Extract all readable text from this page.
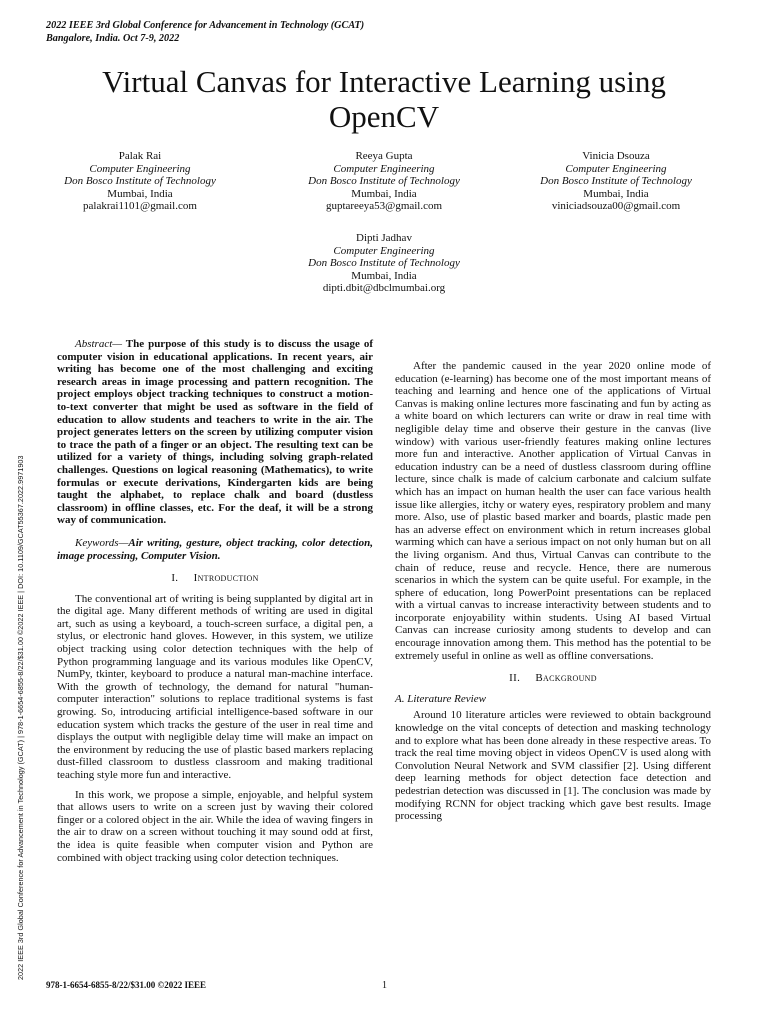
2022 IEEE 3rd Global Conference for Advancement in Technology (GCAT)
Bangalore, India. Oct 7-9, 2022
Virtual Canvas for Interactive Learning using
OpenCV
Palak Rai
Computer Engineering
Don Bosco Institute of Technology
Mumbai, India
palakrai1101@gmail.com
Reeya Gupta
Computer Engineering
Don Bosco Institute of Technology
Mumbai, India
guptareeya53@gmail.com
Vinicia Dsouza
Computer Engineering
Don Bosco Institute of Technology
Mumbai, India
viniciadsouza00@gmail.com
Dipti Jadhav
Computer Engineering
Don Bosco Institute of Technology
Mumbai, India
dipti.dbit@dbclmumbai.org
2022 IEEE 3rd Global Conference for Advancement in Technology (GCAT) | 978-1-6654-6855-8/22/$31.00 ©2022 IEEE | DOI: 10.1109/GCAT55367.2022.9971903

Abstract— The purpose of this study is to discuss the usage of computer vision in educational applications. In recent years, air writing has become one of the most challenging and exciting research areas in image processing and pattern recognition. The project employs object tracking techniques to construct a motion-to-text converter that might be used as software in the field of education to allow students and teachers to write in the air. The project generates letters on the screen by utilizing computer vision to trace the path of a finger or an object. The resulting text can be utilized for a variety of things, including solving graph-related challenges. Questions on logical reasoning (Mathematics), to write formulas or execute derivations, Kindergarten kids are being taught the alphabet, to replace chalk and board (dustless classroom) in offline classes, etc. For the deaf, it will be a strong way of communication.

Keywords—Air writing, gesture, object tracking, color detection, image processing, Computer Vision.

I. Introduction

The conventional art of writing is being supplanted by digital art in the digital age. Many different methods of writing are used in digital art, such as using a keyboard, a touch-screen surface, a digital pen, a stylus, or electronic hand gloves. However, in this system, we utilize object tracking using color detection techniques with the help of Python programming language and its various modules like OpenCV, NumPy, tkinter, keyboard to produce a natural man-machine interface. With the growth of technology, the demand for natural "human-computer interaction" solutions to replace traditional systems is fast growing. So, introducing artificial intelligence-based software in our education system which tracks the gesture of the user in real time and displays the output with negligible delay time will make an impact on the environment by reducing the use of plastic based markers replacing dust-filled classroom to dustless classroom and making traditional teaching style more fun and interactive.

In this work, we propose a simple, enjoyable, and helpful system that allows users to write on a screen just by waving their colored finger or a colored object in the air. While the idea of waving fingers in the air to draw on a screen without touching it may sound odd at first, the idea is quite feasible when computer vision and Python are combined with object tracking using color detection techniques.

After the pandemic caused in the year 2020 online mode of education (e-learning) has become one of the most important means of teaching and learning and hence one of the applications of Virtual Canvas is making online lectures more fascinating and fun by acting as a white board on which lecturers can write or draw in real time with negligible delay time and observe their gesture in the canvas (live window) with various user-friendly features making online lectures more fun and interactive. Another application of Virtual Canvas in education industry can be a need of dustless classroom during offline lecture, since chalk is made of calcium carbonate and calcium sulfate which has an impact on human health the user can face various health issue like allergies, itchy or watery eyes, respiratory problem and many more. Also, use of plastic based marker and boards, plastic made pen has an adverse effect on environment which in return increases global warming which can have a serious impact on not only human but on all the living organism. And thus, Virtual Canvas can contribute to the chain of reduce, reuse and recycle. Hence, there are numerous scenarios in which the system can be quite useful. For example, in the sphere of education, long PowerPoint presentations can be replaced with a virtual canvas to increase interactivity between students and to incorporate enjoyability within students. Using AI based Virtual Canvas can increase curiosity among students to develop and can encourage innovation among them. This method has the potential to be extremely useful in online as well as offline conversations.

II. Background
A. Literature Review

Around 10 literature articles were reviewed to obtain background knowledge on the vital concepts of detection and masking technology and to explore what has been done already in these respective areas. To track the real time moving object in videos OpenCV is used along with Convolution Neural Network and SVM classifier [2]. Using different deep learning methods for object detection face detection and pedestrian detection was discussed in [1]. The conclusion was made by modifying RCNN for object tracking which gave best results. Image processing

978-1-6654-6855-8/22/$31.00 ©2022 IEEE	1
